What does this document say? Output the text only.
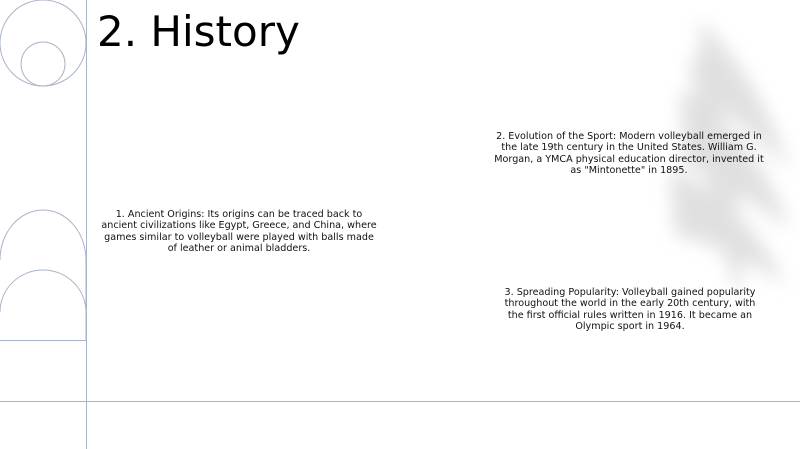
2. History

1. Ancient Origins: Its origins can be traced back to ancient civilizations like Egypt, Greece, and China, where games similar to volleyball were played with balls made of leather or animal bladders.

2. Evolution of the Sport: Modern volleyball emerged in the late 19th century in the United States. William G. Morgan, a YMCA physical education director, invented it as "Mintonette" in 1895.

3. Spreading Popularity: Volleyball gained popularity throughout the world in the early 20th century, with the first official rules written in 1916. It became an Olympic sport in 1964.
